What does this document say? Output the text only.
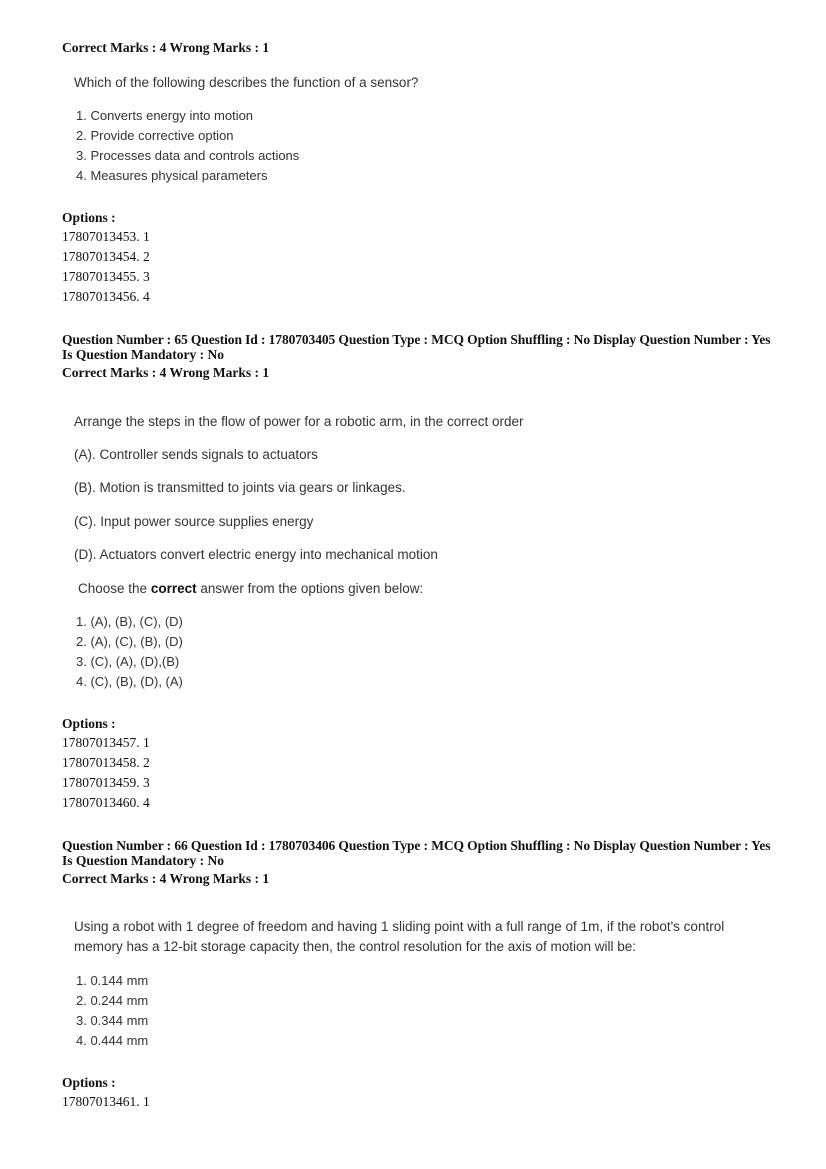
Correct Marks : 4 Wrong Marks : 1
Which of the following describes the function of a sensor?
1. Converts energy into motion
2. Provide corrective option
3. Processes data and controls actions
4. Measures physical parameters
Options :
17807013453. 1
17807013454. 2
17807013455. 3
17807013456. 4
Question Number : 65 Question Id : 1780703405 Question Type : MCQ Option Shuffling : No Display Question Number : Yes
Is Question Mandatory : No
Correct Marks : 4 Wrong Marks : 1
Arrange the steps in the flow of power for a robotic arm, in the correct order
(A). Controller sends signals to actuators
(B). Motion is transmitted to joints via gears or linkages.
(C). Input power source supplies energy
(D). Actuators convert electric energy into mechanical motion
Choose the correct answer from the options given below:
1. (A), (B), (C), (D)
2. (A), (C), (B), (D)
3. (C), (A), (D),(B)
4. (C), (B), (D), (A)
Options :
17807013457. 1
17807013458. 2
17807013459. 3
17807013460. 4
Question Number : 66 Question Id : 1780703406 Question Type : MCQ Option Shuffling : No Display Question Number : Yes
Is Question Mandatory : No
Correct Marks : 4 Wrong Marks : 1
Using a robot with 1 degree of freedom and having 1 sliding point with a full range of 1m, if the robot's control
memory has a 12-bit storage capacity then, the control resolution for the axis of motion will be:
1. 0.144 mm
2. 0.244 mm
3. 0.344 mm
4. 0.444 mm
Options :
17807013461. 1
